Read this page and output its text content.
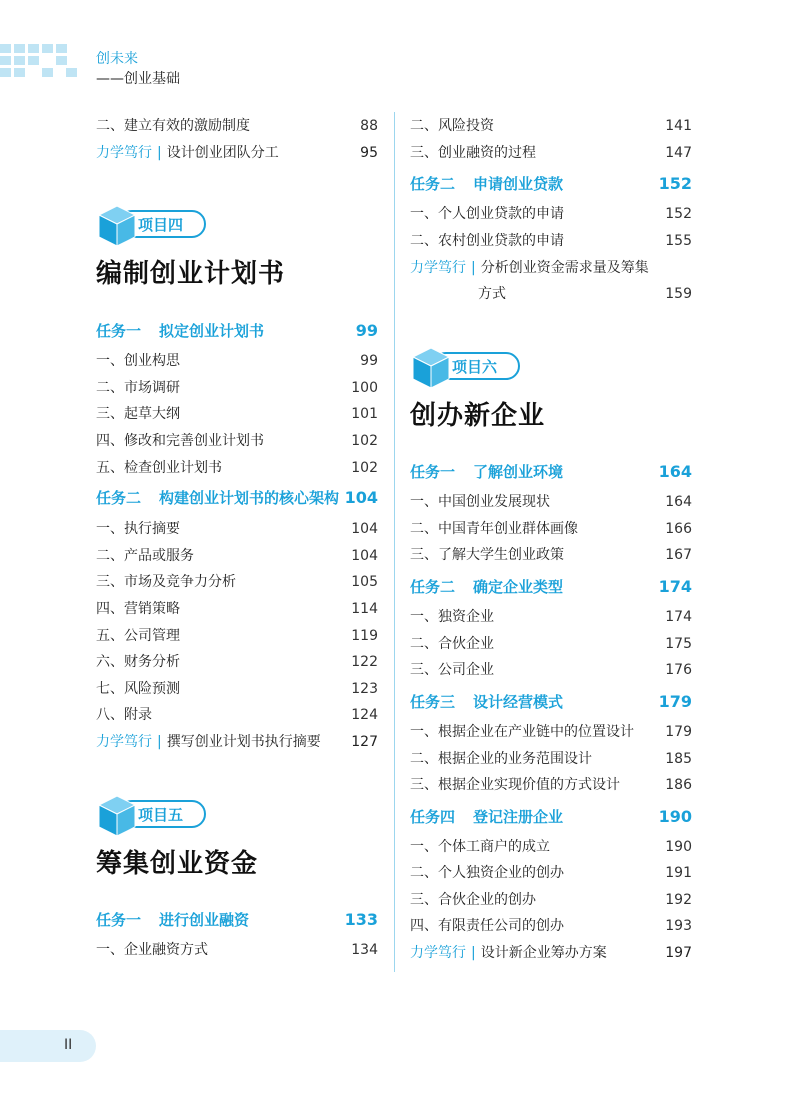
创未来
——创业基础
二、建立有效的激励制度	88
力学笃行 | 设计创业团队分工	95
项目四
编制创业计划书
任务一 拟定创业计划书	99
一、创业构思	99
二、市场调研	100
三、起草大纲	101
四、修改和完善创业计划书	102
五、检查创业计划书	102
任务二 构建创业计划书的核心架构 104
一、执行摘要	104
二、产品或服务	104
三、市场及竞争力分析	105
四、营销策略	114
五、公司管理	119
六、财务分析	122
七、风险预测	123
八、附录	124
力学笃行 | 撰写创业计划书执行摘要 127
项目五
筹集创业资金
任务一 进行创业融资	133
一、企业融资方式	134
二、风险投资	141
三、创业融资的过程	147
任务二 申请创业贷款	152
一、个人创业贷款的申请	152
二、农村创业贷款的申请	155
力学笃行 | 分析创业资金需求量及筹集
方式	159
项目六
创办新企业
任务一 了解创业环境	164
一、中国创业发展现状	164
二、中国青年创业群体画像	166
三、了解大学生创业政策	167
任务二 确定企业类型	174
一、独资企业	174
二、合伙企业	175
三、公司企业	176
任务三 设计经营模式	179
一、根据企业在产业链中的位置设计 179
二、根据企业的业务范围设计	185
三、根据企业实现价值的方式设计	186
任务四 登记注册企业	190
一、个体工商户的成立	190
二、个人独资企业的创办	191
三、合伙企业的创办	192
四、有限责任公司的创办	193
力学笃行 | 设计新企业筹办方案	197
II
